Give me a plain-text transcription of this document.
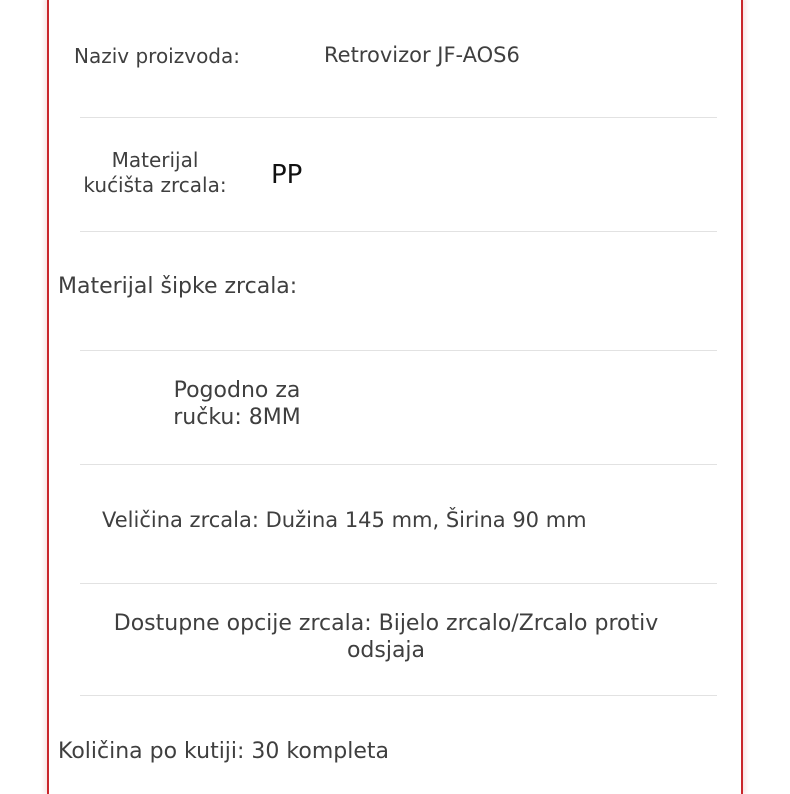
Naziv proizvoda:	Retrovizor JF-AOS6
Materijal kućišta zrcala: PP
Materijal šipke zrcala:
Pogodno za ručku: 8MM
Veličina zrcala: Dužina 145 mm, Širina 90 mm
Dostupne opcije zrcala: Bijelo zrcalo/Zrcalo protiv odsjaja
Količina po kutiji: 30 kompleta
